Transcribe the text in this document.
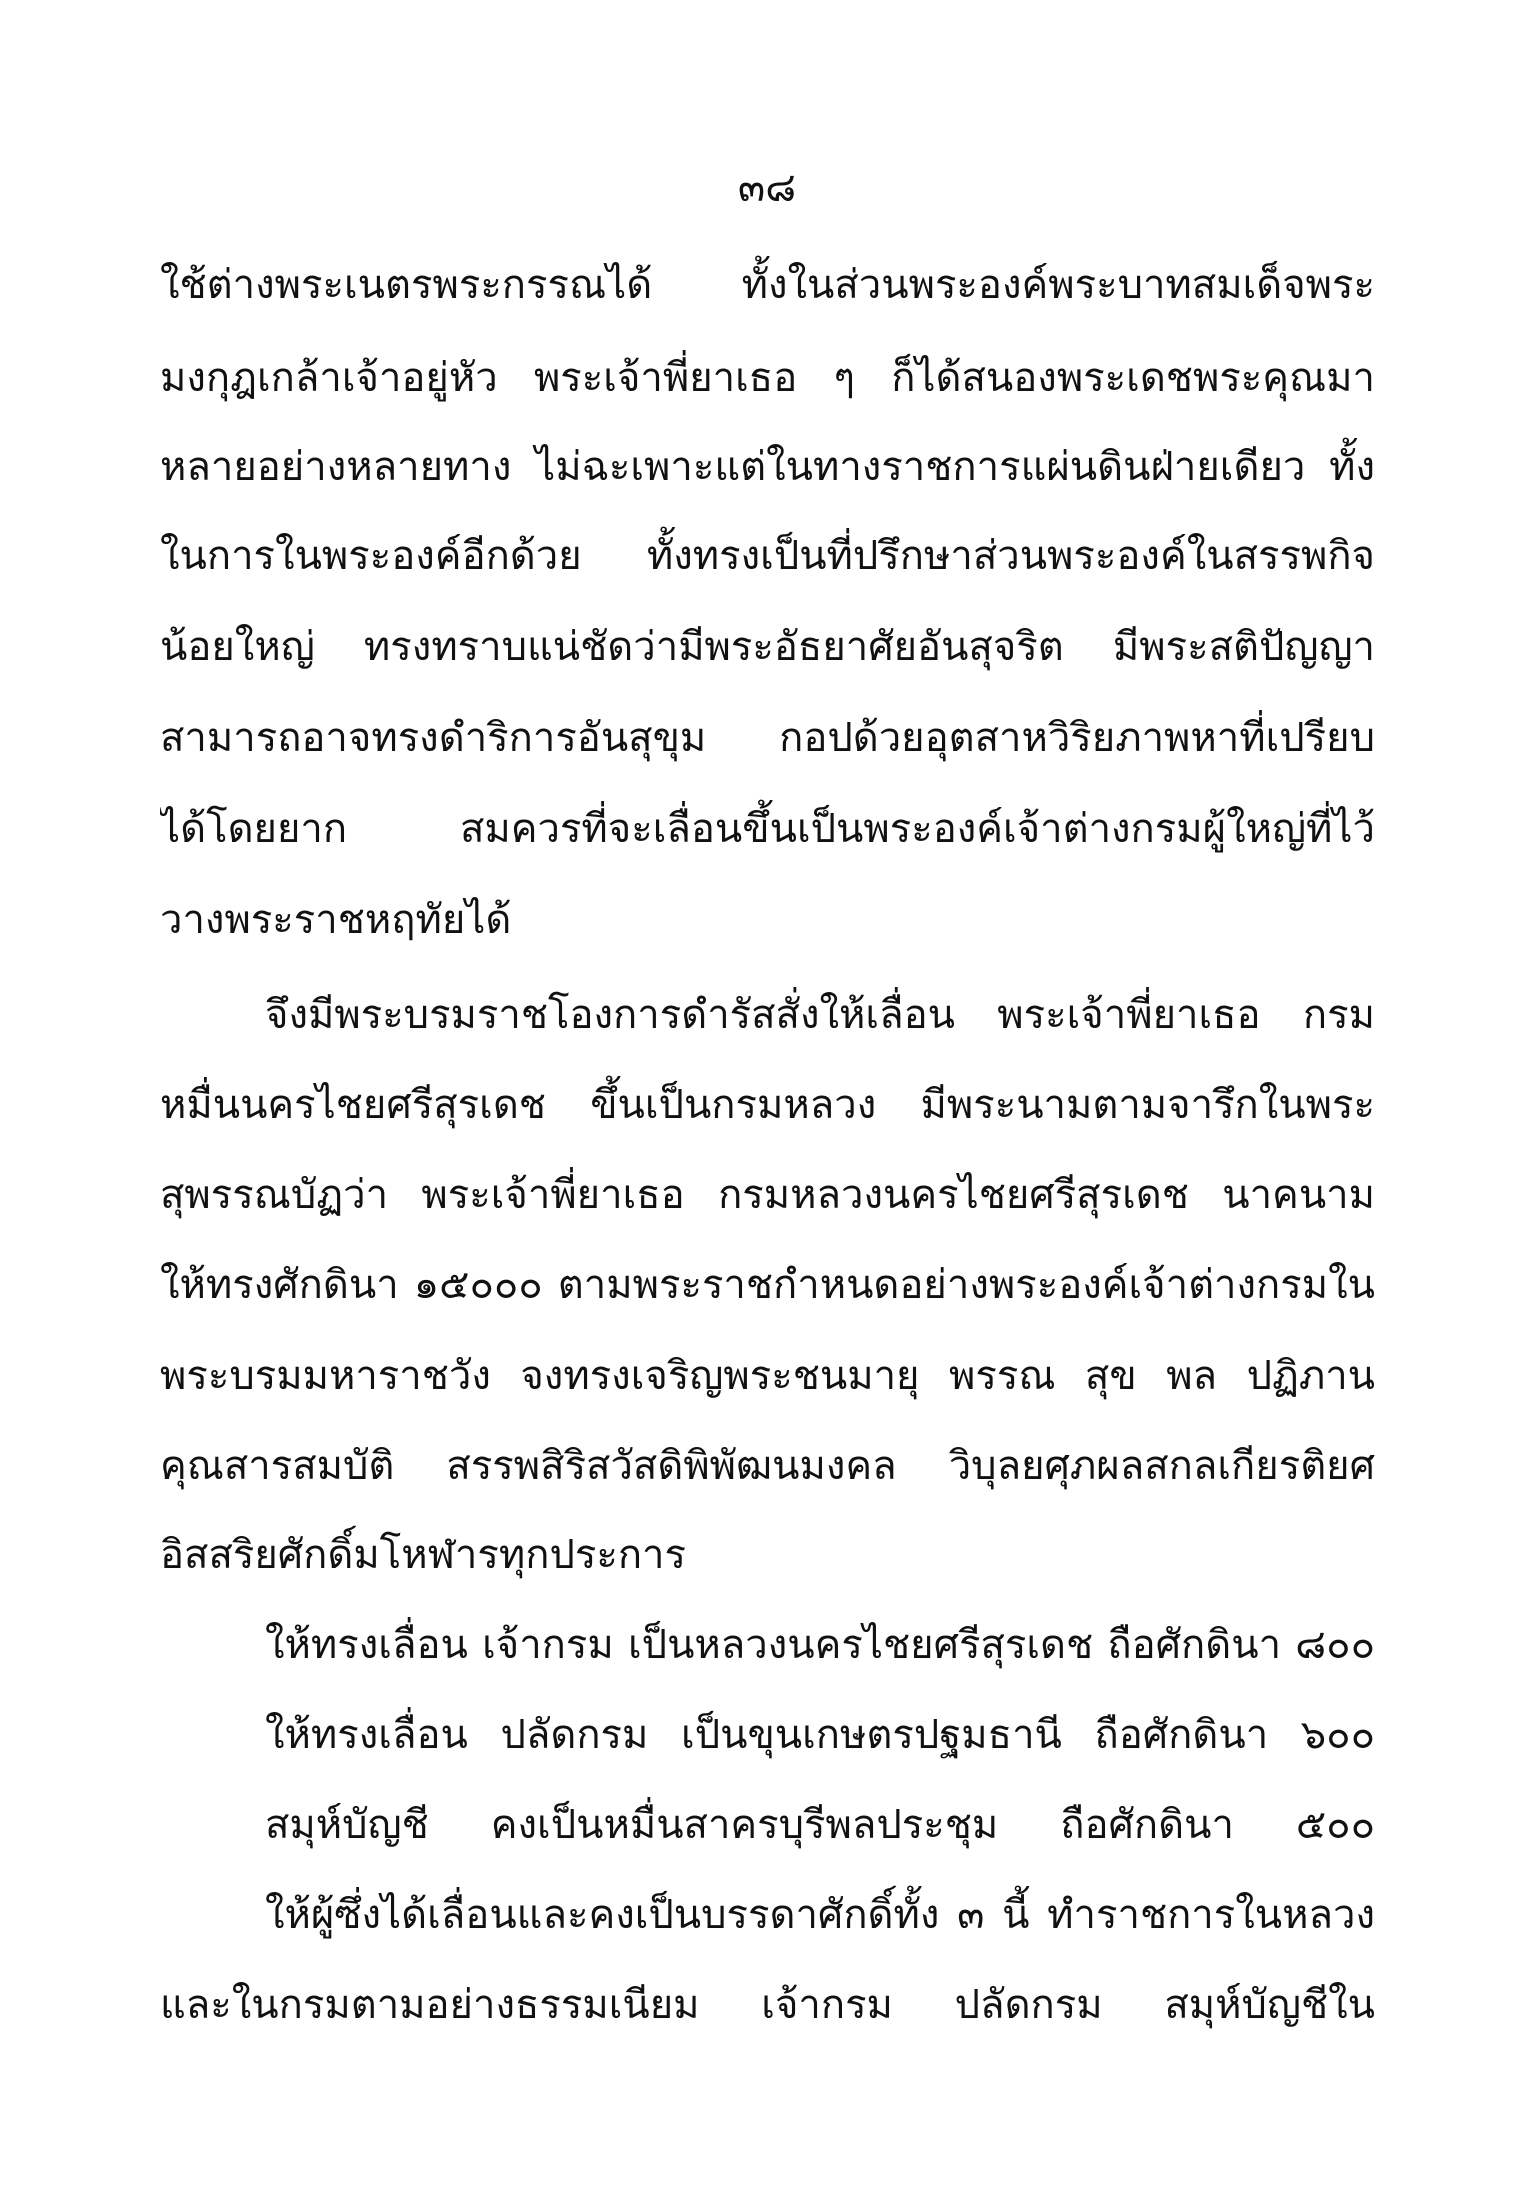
๓๘
ใช้ต่างพระเนตรพระกรรณได้ ทั้งในส่วนพระองค์พระบาทสมเด็จพระ
มงกุฎเกล้าเจ้าอยู่หัว พระเจ้าพี่ยาเธอ ๆ ก็ได้สนองพระเดชพระคุณมา
หลายอย่างหลายทาง ไม่ฉะเพาะแต่ในทางราชการแผ่นดินฝ่ายเดียว ทั้ง
ในการในพระองค์อีกด้วย ทั้งทรงเป็นที่ปรึกษาส่วนพระองค์ในสรรพกิจ
น้อยใหญ่ ทรงทราบแน่ชัดว่ามีพระอัธยาศัยอันสุจริต มีพระสติปัญญา
สามารถอาจทรงดำริการอันสุขุม กอปด้วยอุตสาหวิริยภาพหาที่เปรียบ
ได้โดยยาก สมควรที่จะเลื่อนขึ้นเป็นพระองค์เจ้าต่างกรมผู้ใหญ่ที่ไว้
วางพระราชหฤทัยได้
จึงมีพระบรมราชโองการดำรัสสั่งให้เลื่อน พระเจ้าพี่ยาเธอ กรม
หมื่นนครไชยศรีสุรเดช ขึ้นเป็นกรมหลวง มีพระนามตามจารึกในพระ
สุพรรณบัฏว่า พระเจ้าพี่ยาเธอ กรมหลวงนครไชยศรีสุรเดช นาคนาม
ให้ทรงศักดินา ๑๕๐๐๐ ตามพระราชกำหนดอย่างพระองค์เจ้าต่างกรมใน
พระบรมมหาราชวัง จงทรงเจริญพระชนมายุ พรรณ สุข พล ปฏิภาน
คุณสารสมบัติ สรรพสิริสวัสดิพิพัฒนมงคล วิบุลยศุภผลสกลเกียรติยศ
อิสสริยศักดิ์มโหฬารทุกประการ
ให้ทรงเลื่อน เจ้ากรม เป็นหลวงนครไชยศรีสุรเดช ถือศักดินา ๘๐๐
ให้ทรงเลื่อน ปลัดกรม เป็นขุนเกษตรปฐมธานี ถือศักดินา ๖๐๐
สมุห์บัญชี คงเป็นหมื่นสาครบุรีพลประชุม ถือศักดินา ๕๐๐
ให้ผู้ซึ่งได้เลื่อนและคงเป็นบรรดาศักดิ์ทั้ง ๓ นี้ ทำราชการในหลวง
และในกรมตามอย่างธรรมเนียม เจ้ากรม ปลัดกรม สมุห์บัญชีใน
